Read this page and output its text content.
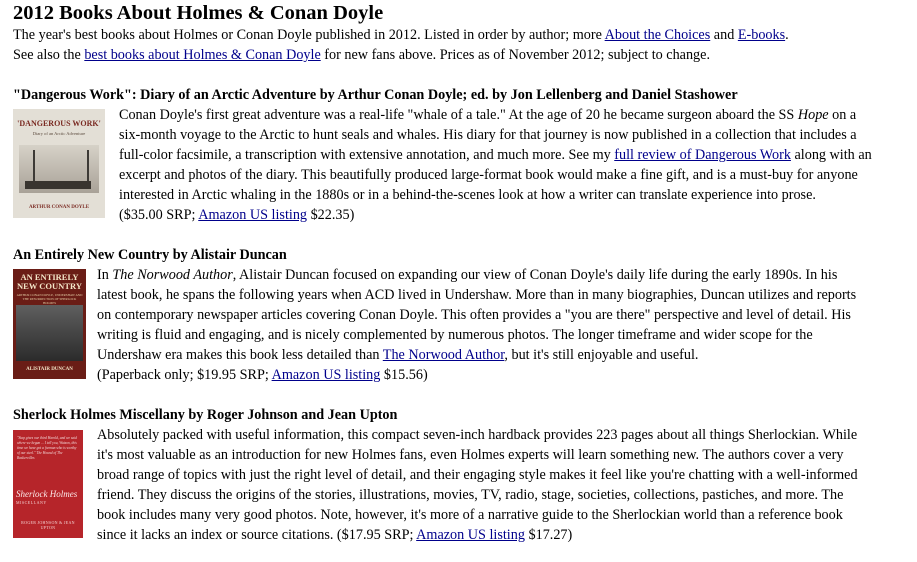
2012 Books About Holmes & Conan Doyle

The year's best books about Holmes or Conan Doyle published in 2012. Listed in order by author; more About the Choices and E-books.

See also the best books about Holmes & Conan Doyle for new fans above. Prices as of November 2012; subject to change.

"Dangerous Work": Diary of an Arctic Adventure by Arthur Conan Doyle; ed. by Jon Lellenberg and Daniel Stashower
'DANGEROUS WORK'
Diary of an Arctic Adventure
ARTHUR CONAN DOYLE

Conan Doyle's first great adventure was a real-life "whale of a tale." At the age of 20 he became surgeon aboard the SS Hope on a

six-month voyage to the Arctic to hunt seals and whales. His diary for that journey is now published in a collection that includes a

full-color facsimile, a transcription with extensive annotation, and much more. See my full review of Dangerous Work along with an

excerpt and photos of the diary. This beautifully produced large-format book would make a fine gift, and is a must-buy for anyone

interested in Arctic whaling in the 1880s or in a behind-the-scenes look at how a writer can translate experience into prose.

($35.00 SRP; Amazon US listing $22.35)

An Entirely New Country by Alistair Duncan
AN ENTIRELY NEW COUNTRY
ARTHUR CONAN DOYLE, UNDERSHAW AND THE RESURRECTION OF SHERLOCK HOLMES
ALISTAIR DUNCAN

In The Norwood Author, Alistair Duncan focused on expanding our view of Conan Doyle's daily life during the early 1890s. In his

latest book, he spans the following years when ACD lived in Undershaw. More than in many biographies, Duncan utilizes and reports

on contemporary newspaper articles covering Conan Doyle. This often provides a "you are there" perspective and level of detail. His

writing is fluid and engaging, and is nicely complemented by numerous photos. The longer timeframe and wider scope for the

Undershaw era makes this book less detailed than The Norwood Author, but it's still enjoyable and useful.

(Paperback only; $19.95 SRP; Amazon US listing $15.56)

Sherlock Holmes Miscellany by Roger Johnson and Jean Upton
"Stap gives our third Harold, and we said where we begun ... I tell you, Watson, this time we have got a foeman who is worthy of our steel." The Hound of The Baskervilles
Sherlock Holmes
MISCELLANY
ROGER JOHNSON & JEAN UPTON

Absolutely packed with useful information, this compact seven-inch hardback provides 223 pages about all things Sherlockian. While

it's most valuable as an introduction for new Holmes fans, even Holmes experts will learn something new. The authors cover a very

broad range of topics with just the right level of detail, and their engaging style makes it feel like you're chatting with a well-informed

friend. They discuss the origins of the stories, illustrations, movies, TV, radio, stage, societies, collections, pastiches, and more. The

book includes many very good photos. Note, however, it's more of a narrative guide to the Sherlockian world than a reference book

since it lacks an index or source citations. ($17.95 SRP; Amazon US listing $17.27)
